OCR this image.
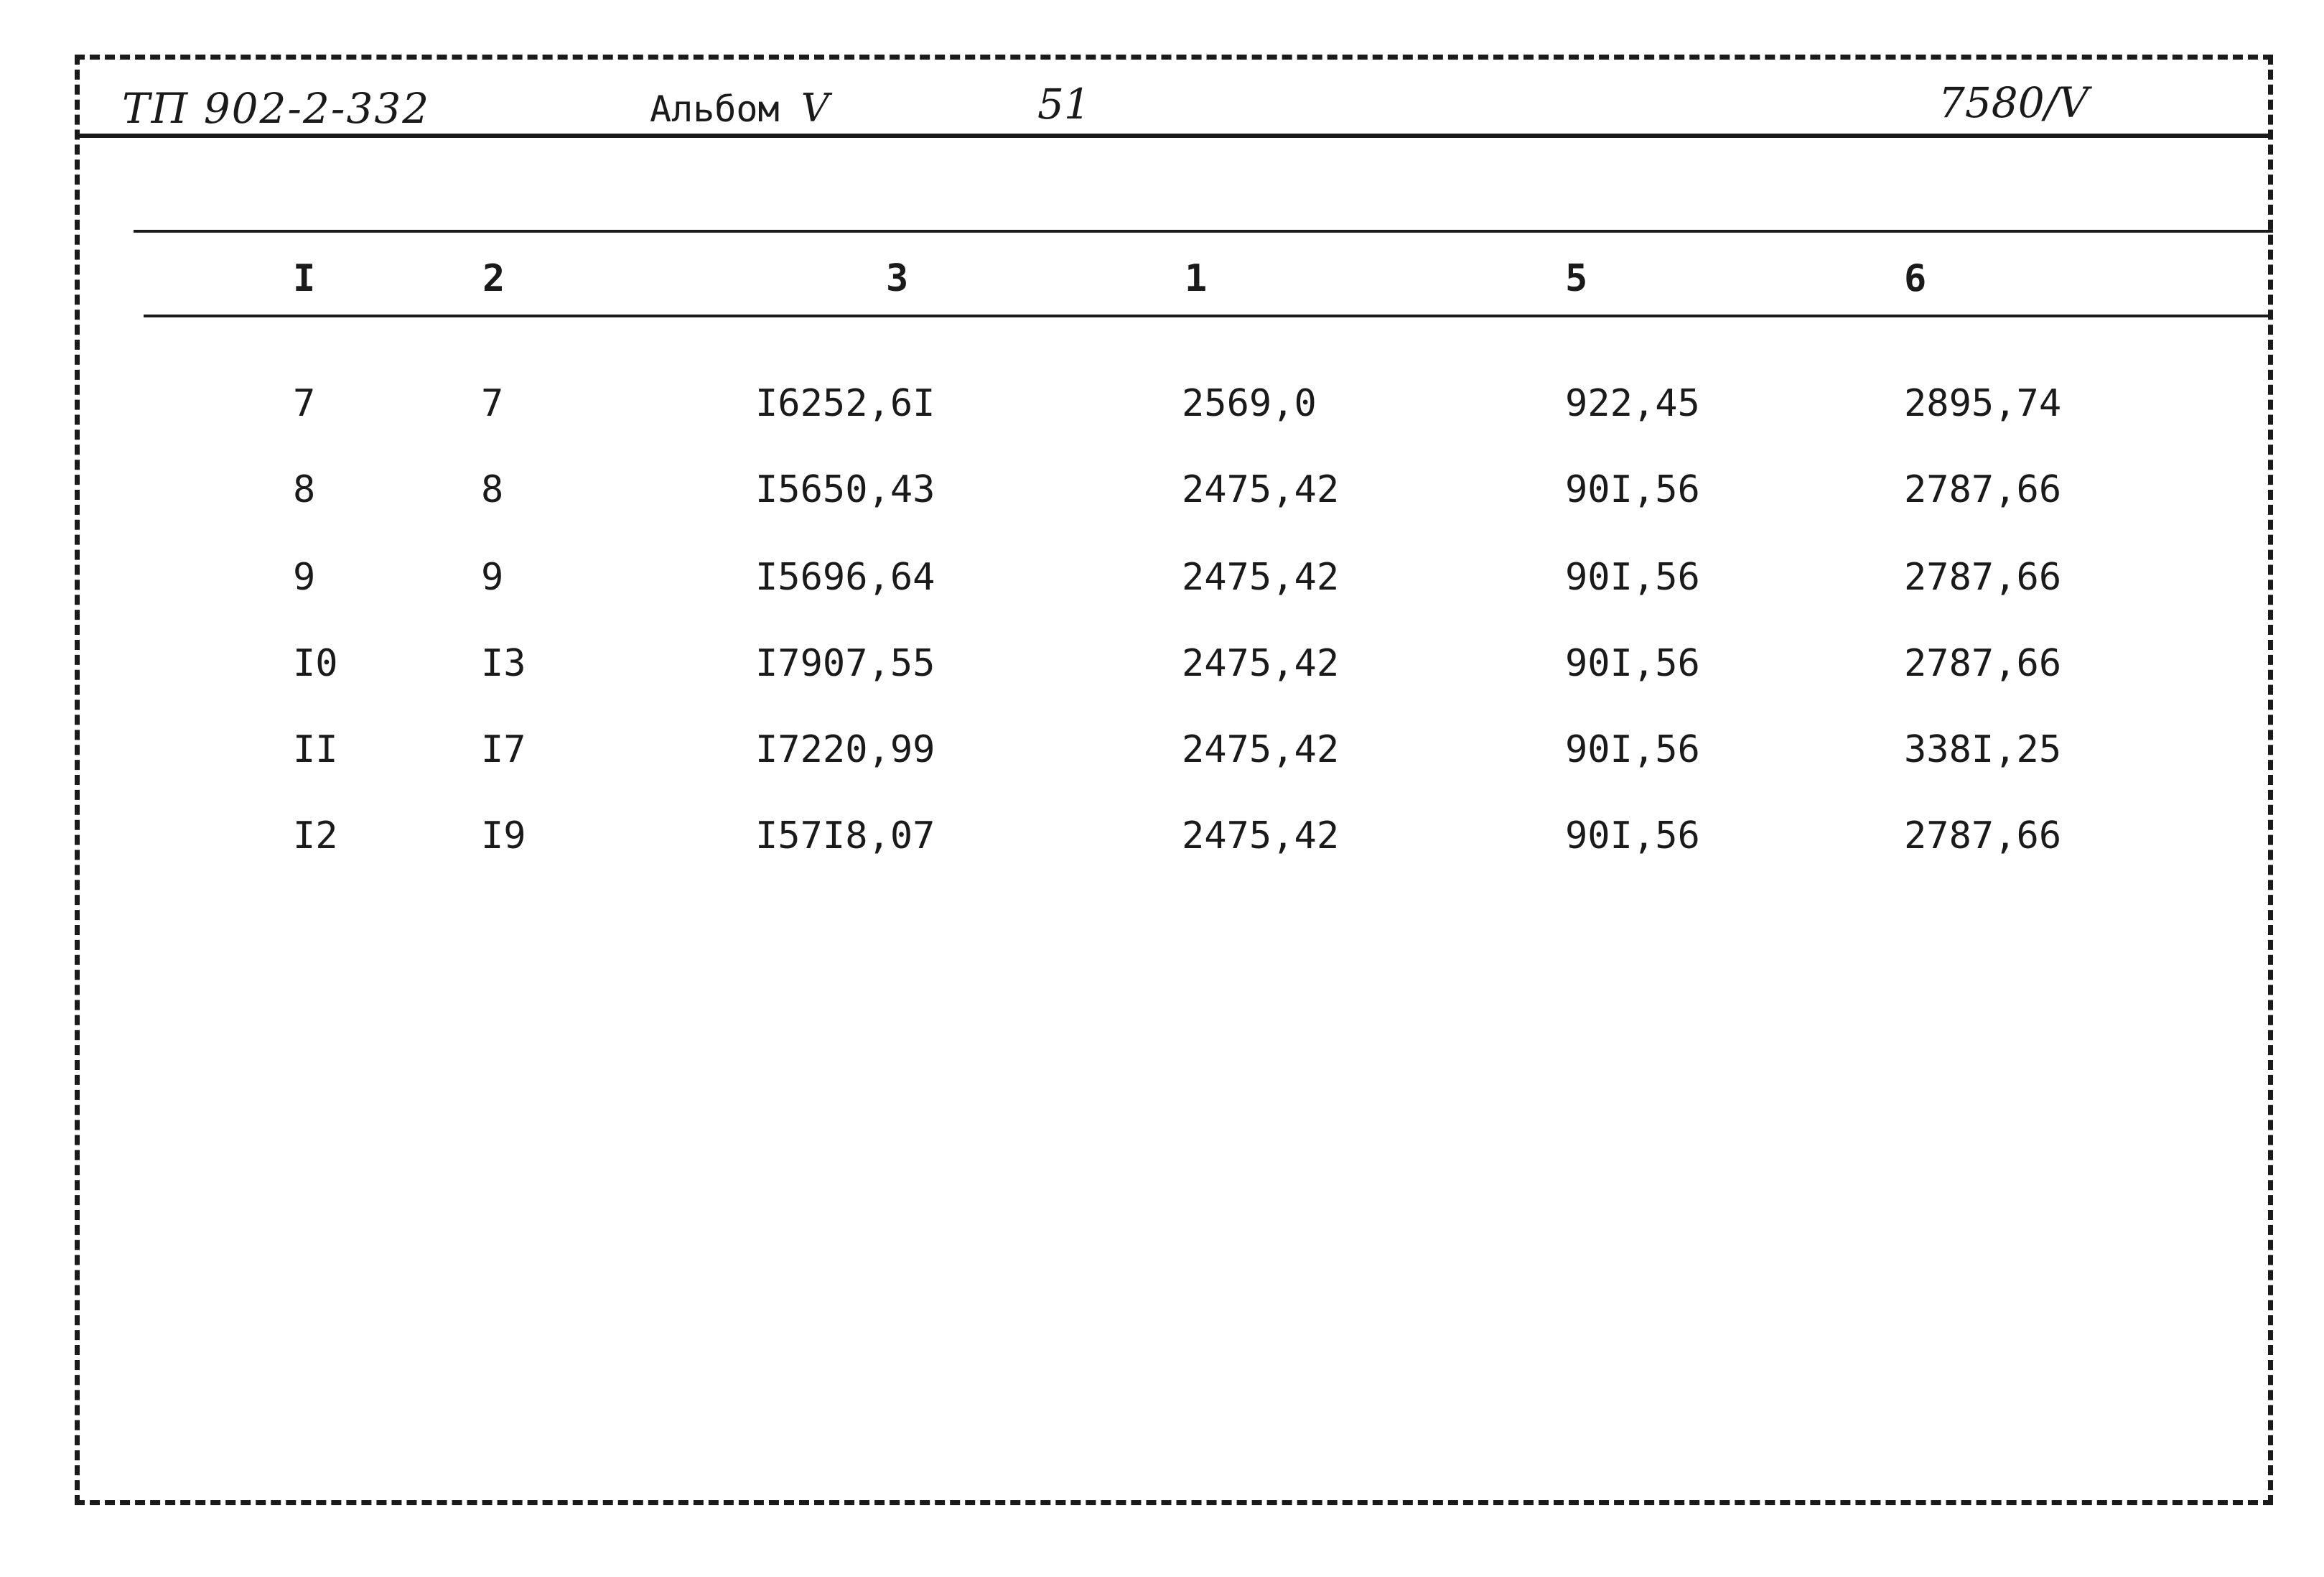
ТП 902-2-332	Альбом V	51	7580/V
I	2	3	1	5	6
7	7	I6252,6I	2569,0	922,45	2895,74
8	8	I5650,43	2475,42	90I,56	2787,66
9	9	I5696,64	2475,42	90I,56	2787,66
I0	I3	I7907,55	2475,42	90I,56	2787,66
II	I7	I7220,99	2475,42	90I,56	338I,25
I2	I9	I57I8,07	2475,42	90I,56	2787,66
